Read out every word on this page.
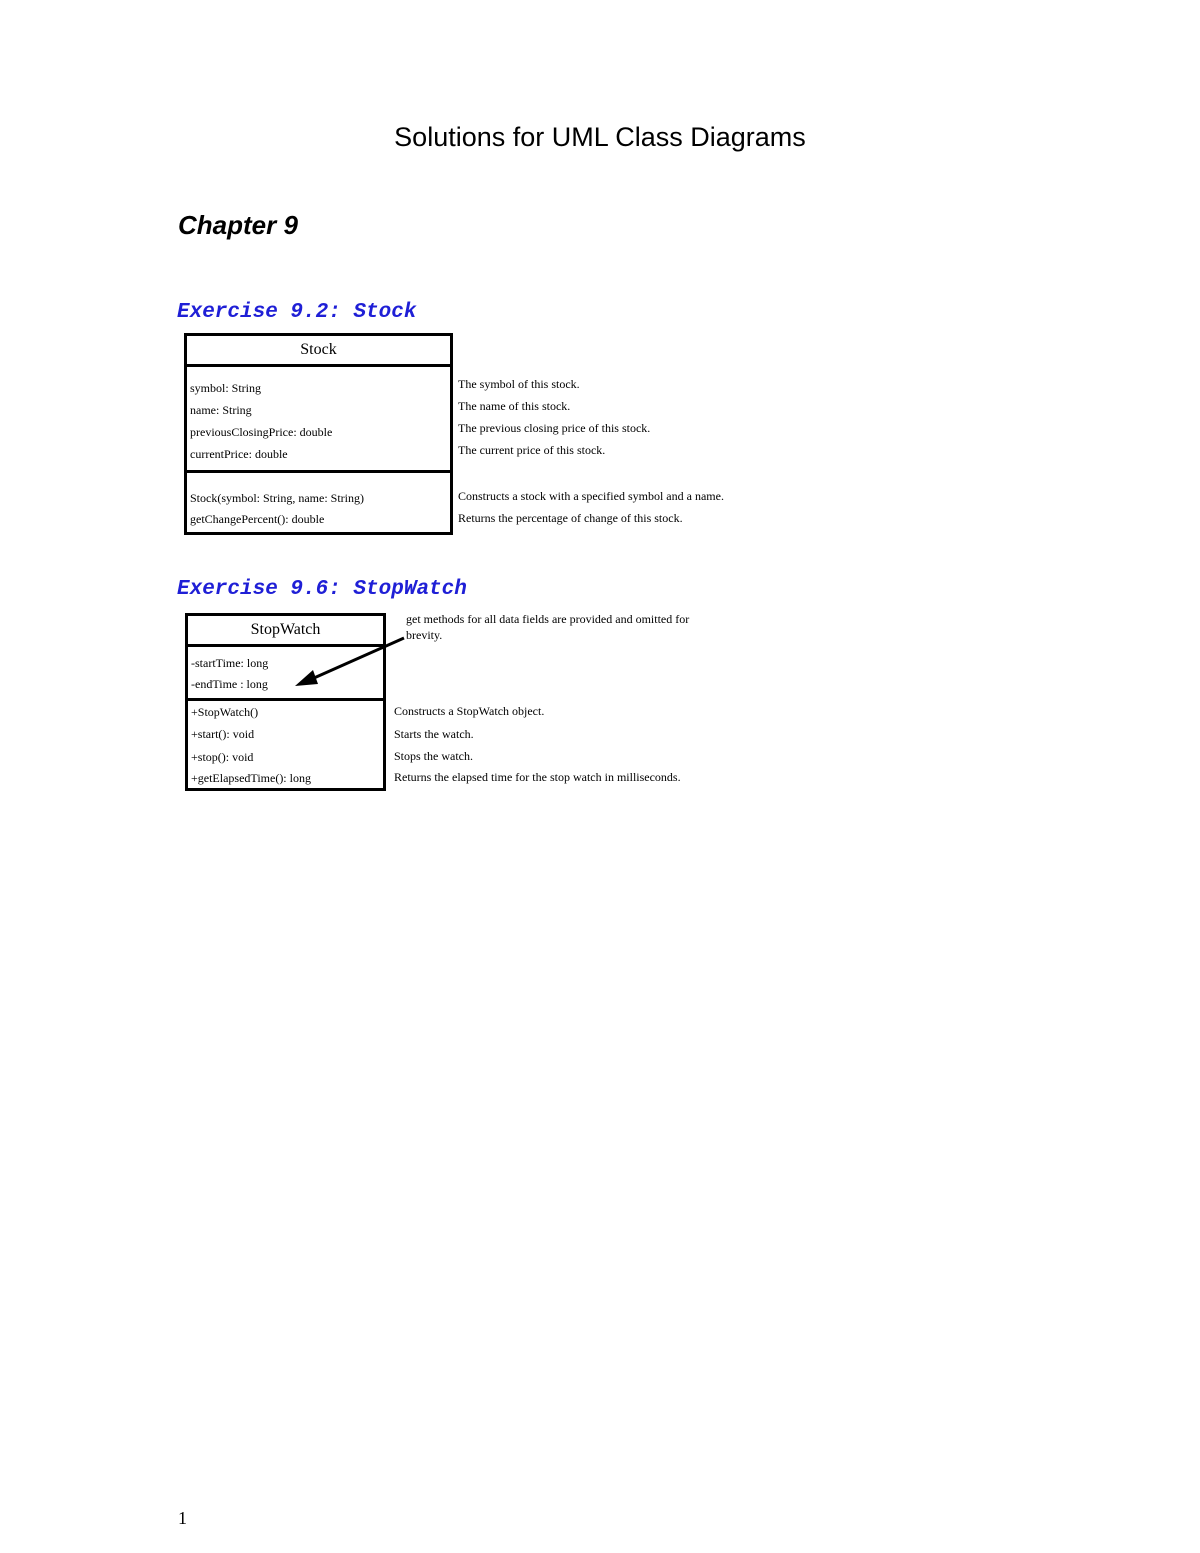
Solutions for UML Class Diagrams
Chapter 9
Exercise 9.2: Stock
Stock
symbol: String
name: String
previousClosingPrice: double
currentPrice: double
Stock(symbol: String, name: String)
getChangePercent(): double
The symbol of this stock.
The name of this stock.
The previous closing price of this stock.
The current price of this stock.
Constructs a stock with a specified symbol and a name.
Returns the percentage of change of this stock.
Exercise 9.6: StopWatch
StopWatch
-startTime: long
-endTime : long
+StopWatch()
+start(): void
+stop(): void
+getElapsedTime(): long
get methods for all data fields are provided and omitted for
brevity.
Constructs a StopWatch object.
Starts the watch.
Stops the watch.
Returns the elapsed time for the stop watch in milliseconds.
1
